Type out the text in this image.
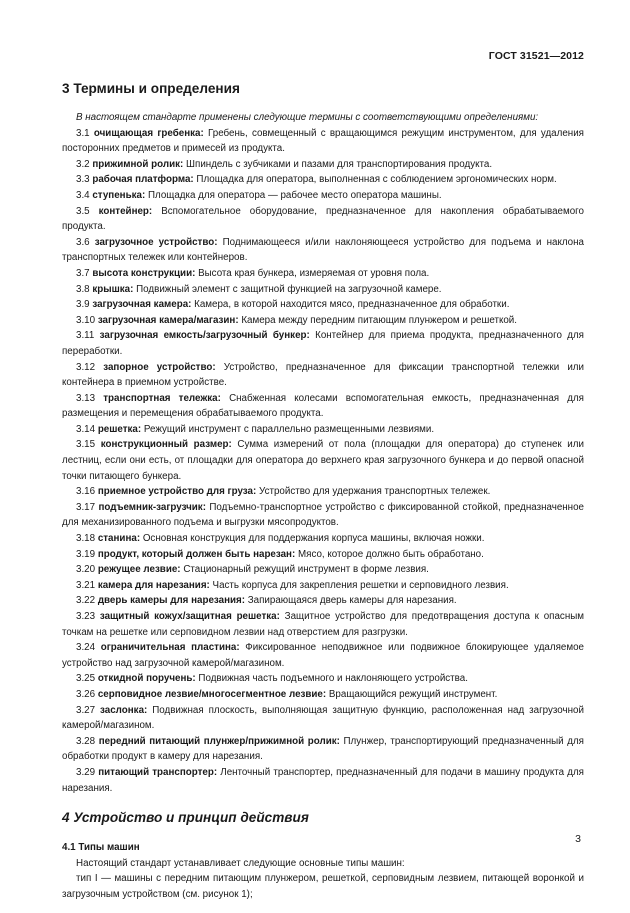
ГОСТ 31521—2012
3 Термины и определения

В настоящем стандарте применены следующие термины с соответствующими определениями:

3.1 очищающая гребенка: Гребень, совмещенный с вращающимся режущим инструментом, для удаления посторонних предметов и примесей из продукта.

3.2 прижимной ролик: Шпиндель с зубчиками и пазами для транспортирования продукта.

3.3 рабочая платформа: Площадка для оператора, выполненная с соблюдением эргономических норм.

3.4 ступенька: Площадка для оператора — рабочее место оператора машины.

3.5 контейнер: Вспомогательное оборудование, предназначенное для накопления обрабатываемого продукта.

3.6 загрузочное устройство: Поднимающееся и/или наклоняющееся устройство для подъема и наклона транспортных тележек или контейнеров.

3.7 высота конструкции: Высота края бункера, измеряемая от уровня пола.

3.8 крышка: Подвижный элемент с защитной функцией на загрузочной камере.

3.9 загрузочная камера: Камера, в которой находится мясо, предназначенное для обработки.

3.10 загрузочная камера/магазин: Камера между передним питающим плунжером и решеткой.

3.11 загрузочная емкость/загрузочный бункер: Контейнер для приема продукта, предназначенного для переработки.

3.12 запорное устройство: Устройство, предназначенное для фиксации транспортной тележки или контейнера в приемном устройстве.

3.13 транспортная тележка: Снабженная колесами вспомогательная емкость, предназначенная для размещения и перемещения обрабатываемого продукта.

3.14 решетка: Режущий инструмент с параллельно размещенными лезвиями.

3.15 конструкционный размер: Сумма измерений от пола (площадки для оператора) до ступенек или лестниц, если они есть, от площадки для оператора до верхнего края загрузочного бункера и до первой опасной точки питающего бункера.

3.16 приемное устройство для груза: Устройство для удержания транспортных тележек.

3.17 подъемник-загрузчик: Подъемно-транспортное устройство с фиксированной стойкой, предназначенное для механизированного подъема и выгрузки мясопродуктов.

3.18 станина: Основная конструкция для поддержания корпуса машины, включая ножки.

3.19 продукт, который должен быть нарезан: Мясо, которое должно быть обработано.

3.20 режущее лезвие: Стационарный режущий инструмент в форме лезвия.

3.21 камера для нарезания: Часть корпуса для закрепления решетки и серповидного лезвия.

3.22 дверь камеры для нарезания: Запирающаяся дверь камеры для нарезания.

3.23 защитный кожух/защитная решетка: Защитное устройство для предотвращения доступа к опасным точкам на решетке или серповидном лезвии над отверстием для разгрузки.

3.24 ограничительная пластина: Фиксированное неподвижное или подвижное блокирующее удаляемое устройство над загрузочной камерой/магазином.

3.25 откидной поручень: Подвижная часть подъемного и наклоняющего устройства.

3.26 серповидное лезвие/многосегментное лезвие: Вращающийся режущий инструмент.

3.27 заслонка: Подвижная плоскость, выполняющая защитную функцию, расположенная над загрузочной камерой/магазином.

3.28 передний питающий плунжер/прижимной ролик: Плунжер, транспортирующий предназначенный для обработки продукт в камеру для нарезания.

3.29 питающий транспортер: Ленточный транспортер, предназначенный для подачи в машину продукта для нарезания.

4 Устройство и принцип действия
4.1 Типы машин

Настоящий стандарт устанавливает следующие основные типы машин:

тип I — машины с передним питающим плунжером, решеткой, серповидным лезвием, питающей воронкой и загрузочным устройством (см. рисунок 1);

3
